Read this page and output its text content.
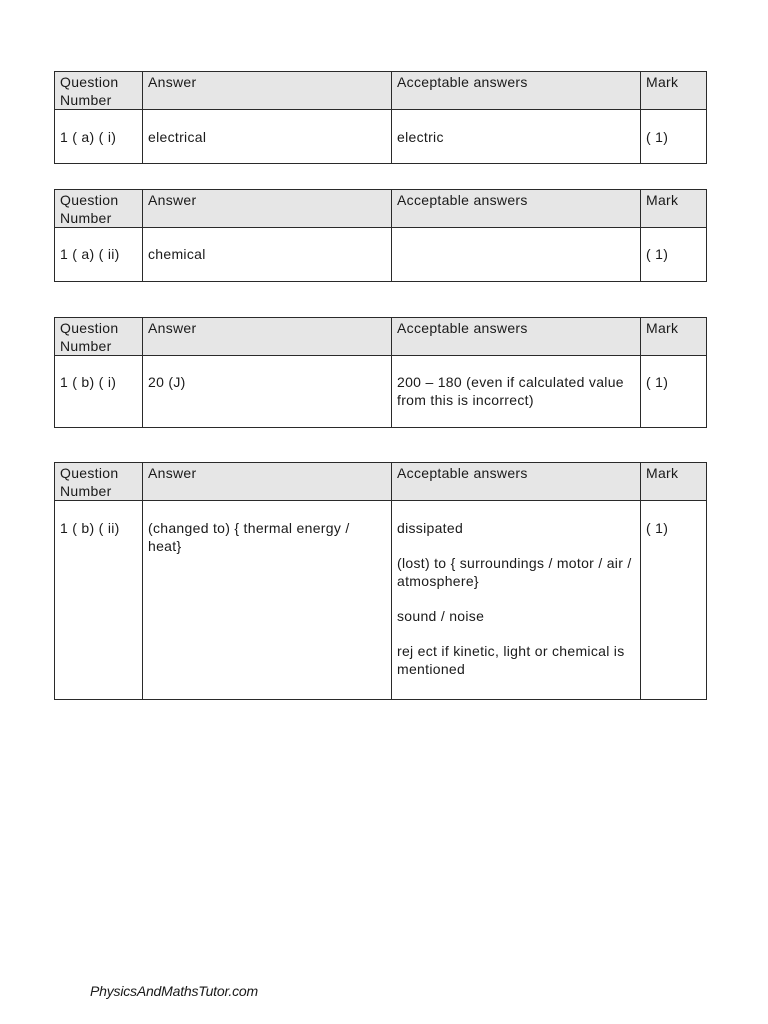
Question Number	Answer	Acceptable answers	Mark
1 ( a) ( i)	electrical	electric	( 1)
Question Number	Answer	Acceptable answers	Mark
1 ( a) ( ii)	chemical		( 1)
Question Number	Answer	Acceptable answers	Mark
1 ( b) ( i)	20 (J)	200 – 180 (even if calculated value from this is incorrect)	( 1)
Question Number	Answer	Acceptable answers	Mark
1 ( b) ( ii)	(changed to) { thermal energy / heat}	dissipated
(lost) to { surroundings / motor / air / atmosphere}
sound / noise
rej ect if kinetic, light or chemical is mentioned	( 1)
PhysicsAndMathsTutor.com
